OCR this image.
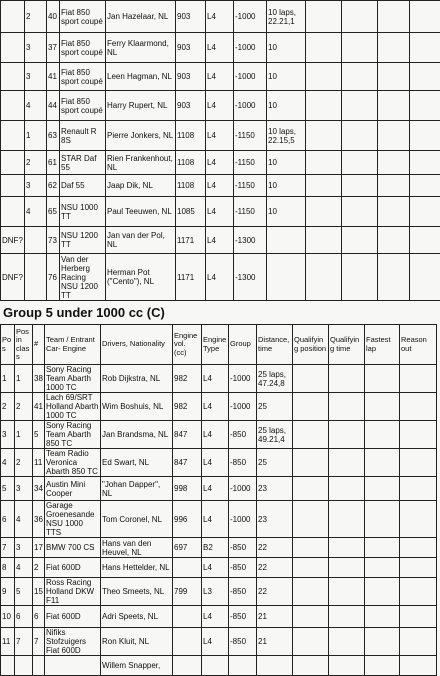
	2	40	Fiat 850 sport coupé	Jan Hazelaar, NL	903	L4	-1000	10 laps, 22.21,1				
	3	37	Fiat 850 sport coupé	Ferry Klaarmond, NL	903	L4	-1000	10				
	3	41	Fiat 850 sport coupé	Leen Hagman, NL	903	L4	-1000	10				
	4	44	Fiat 850 sport coupé	Harry Rupert, NL	903	L4	-1000	10				
	1	63	Renault R 8S	Pierre Jonkers, NL	1108	L4	-1150	10 laps, 22.15,5				
	2	61	STAR Daf 55	Rien Frankenhout, NL	1108	L4	-1150	10				
	3	62	Daf 55	Jaap Dik, NL	1108	L4	-1150	10				
	4	65	NSU 1000 TT	Paul Teeuwen, NL	1085	L4	-1150	10				
DNF?		73	NSU 1200 TT	Jan van der Pol, NL	1171	L4	-1300					
DNF?		76	Van der Herberg Racing NSU 1200 TT	Herman Pot ("Cento"), NL	1171	L4	-1300					
Group 5 under 1000 cc (C)
Pos	Pos in class	#	Team / Entrant Car- Engine	Drivers, Nationality	Engine vol. (cc)	Engine Type	Group	Distance, time	Qualifying position	Qualifying time	Fastest lap	Reason out
1	1	38	Sony Racing Team Abarth 1000 TC	Rob Dijkstra, NL	982	L4	-1000	25 laps, 47.24,8				
2	2	41	Lach 69/SRT Holland Abarth 1000 TC	Wim Boshuis, NL	982	L4	-1000	25				
3	1	5	Sony Racing Team Abarth 850 TC	Jan Brandsma, NL	847	L4	-850	25 laps, 49.21,4				
4	2	11	Team Radio Veronica Abarth 850 TC	Ed Swart, NL	847	L4	-850	25				
5	3	34	Austin Mini Cooper	"Johan Dapper", NL	998	L4	-1000	23				
6	4	36	Garage Groenesande NSU 1000 TTS	Tom Coronel, NL	996	L4	-1000	23				
7	3	17	BMW 700 CS	Hans van den Heuvel, NL	697	B2	-850	22				
8	4	2	Fiat 600D	Hans Hettelder, NL		L4	-850	22				
9	5	15	Ross Racing Holland DKW F11	Theo Smeets, NL	799	L3	-850	22				
10	6	6	Fiat 600D	Adri Speets, NL		L4	-850	21				
11	7	7	Nifiks Stofzuigers Fiat 600D	Ron Kluit, NL		L4	-850	21				
				Willem Snapper,								
